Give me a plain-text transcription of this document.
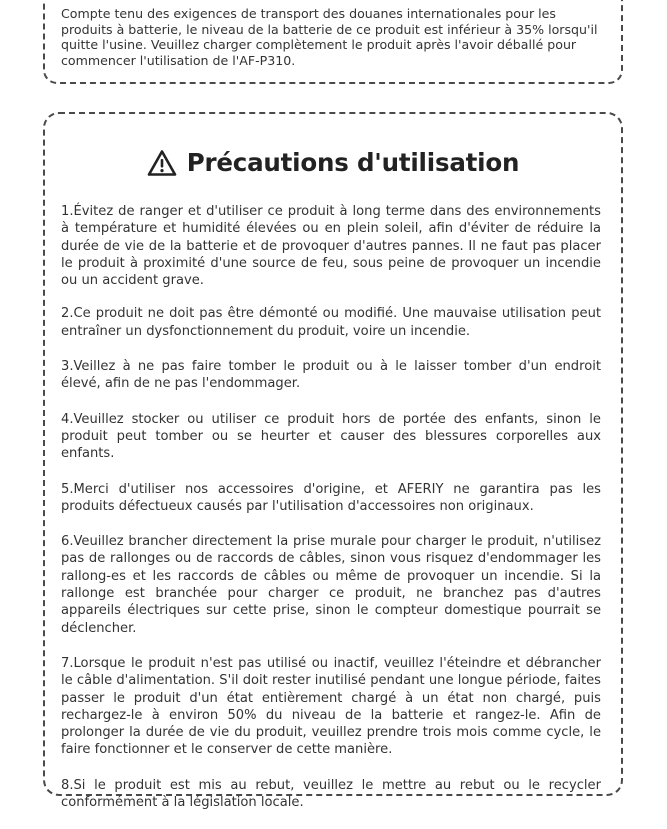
Compte tenu des exigences de transport des douanes internationales pour les produits à batterie, le niveau de la batterie de ce produit est inférieur à 35% lorsqu'il quitte l'usine. Veuillez charger complètement le produit après l'avoir déballé pour commencer l'utilisation de l'AF-P310.

Précautions d'utilisation
1.Évitez de ranger et d'utiliser ce produit à long terme dans des environnements à température et humidité élevées ou en plein soleil, afin d'éviter de réduire la durée de vie de la batterie et de provoquer d'autres pannes. Il ne faut pas placer le produit à proximité d'une source de feu, sous peine de provoquer un incendie ou un accident grave.
2.Ce produit ne doit pas être démonté ou modifié. Une mauvaise utilisation peut entraîner un dysfonctionnement du produit, voire un incendie.
3.Veillez à ne pas faire tomber le produit ou à le laisser tomber d'un endroit élevé, afin de ne pas l'endommager.
4.Veuillez stocker ou utiliser ce produit hors de portée des enfants, sinon le produit peut tomber ou se heurter et causer des blessures corporelles aux enfants.
5.Merci d'utiliser nos accessoires d'origine, et AFERIY ne garantira pas les produits défectueux causés par l'utilisation d'accessoires non originaux.
6.Veuillez brancher directement la prise murale pour charger le produit, n'utilisez pas de rallonges ou de raccords de câbles, sinon vous risquez d'endommager les rallong-es et les raccords de câbles ou même de provoquer un incendie. Si la rallonge est branchée pour charger ce produit, ne branchez pas d'autres appareils électriques sur cette prise, sinon le compteur domestique pourrait se déclencher.
7.Lorsque le produit n'est pas utilisé ou inactif, veuillez l'éteindre et débrancher le câble d'alimentation. S'il doit rester inutilisé pendant une longue période, faites passer le produit d'un état entièrement chargé à un état non chargé, puis rechargez-le à environ 50% du niveau de la batterie et rangez-le. Afin de prolonger la durée de vie du produit, veuillez prendre trois mois comme cycle, le faire fonctionner et le conserver de cette manière.
8.Si le produit est mis au rebut, veuillez le mettre au rebut ou le recycler conformément à la législation locale.
